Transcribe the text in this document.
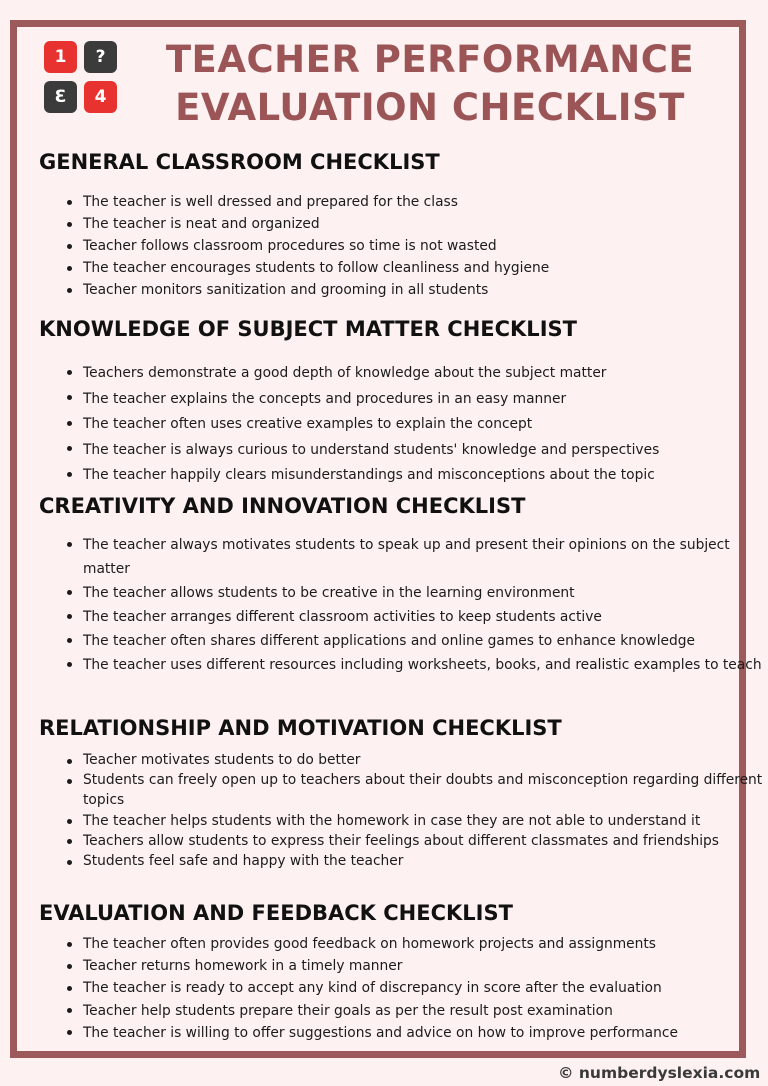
1	?
Ɛ	4
TEACHER PERFORMANCE
EVALUATION CHECKLIST
GENERAL CLASSROOM CHECKLIST
The teacher is well dressed and prepared for the class
The teacher is neat and organized
Teacher follows classroom procedures so time is not wasted
The teacher encourages students to follow cleanliness and hygiene
Teacher monitors sanitization and grooming in all students
KNOWLEDGE OF SUBJECT MATTER CHECKLIST
Teachers demonstrate a good depth of knowledge about the subject matter
The teacher explains the concepts and procedures in an easy manner
The teacher often uses creative examples to explain the concept
The teacher is always curious to understand students' knowledge and perspectives
The teacher happily clears misunderstandings and misconceptions about the topic
CREATIVITY AND INNOVATION CHECKLIST
The teacher always motivates students to speak up and present their opinions on the subject matter
The teacher allows students to be creative in the learning environment
The teacher arranges different classroom activities to keep students active
The teacher often shares different applications and online games to enhance knowledge
The teacher uses different resources including worksheets, books, and realistic examples to teach
RELATIONSHIP AND MOTIVATION CHECKLIST
Teacher motivates students to do better
Students can freely open up to teachers about their doubts and misconception regarding different topics
The teacher helps students with the homework in case they are not able to understand it
Teachers allow students to express their feelings about different classmates and friendships
Students feel safe and happy with the teacher
EVALUATION AND FEEDBACK CHECKLIST
The teacher often provides good feedback on homework projects and assignments
Teacher returns homework in a timely manner
The teacher is ready to accept any kind of discrepancy in score after the evaluation
Teacher help students prepare their goals as per the result post examination
The teacher is willing to offer suggestions and advice on how to improve performance
© numberdyslexia.com
